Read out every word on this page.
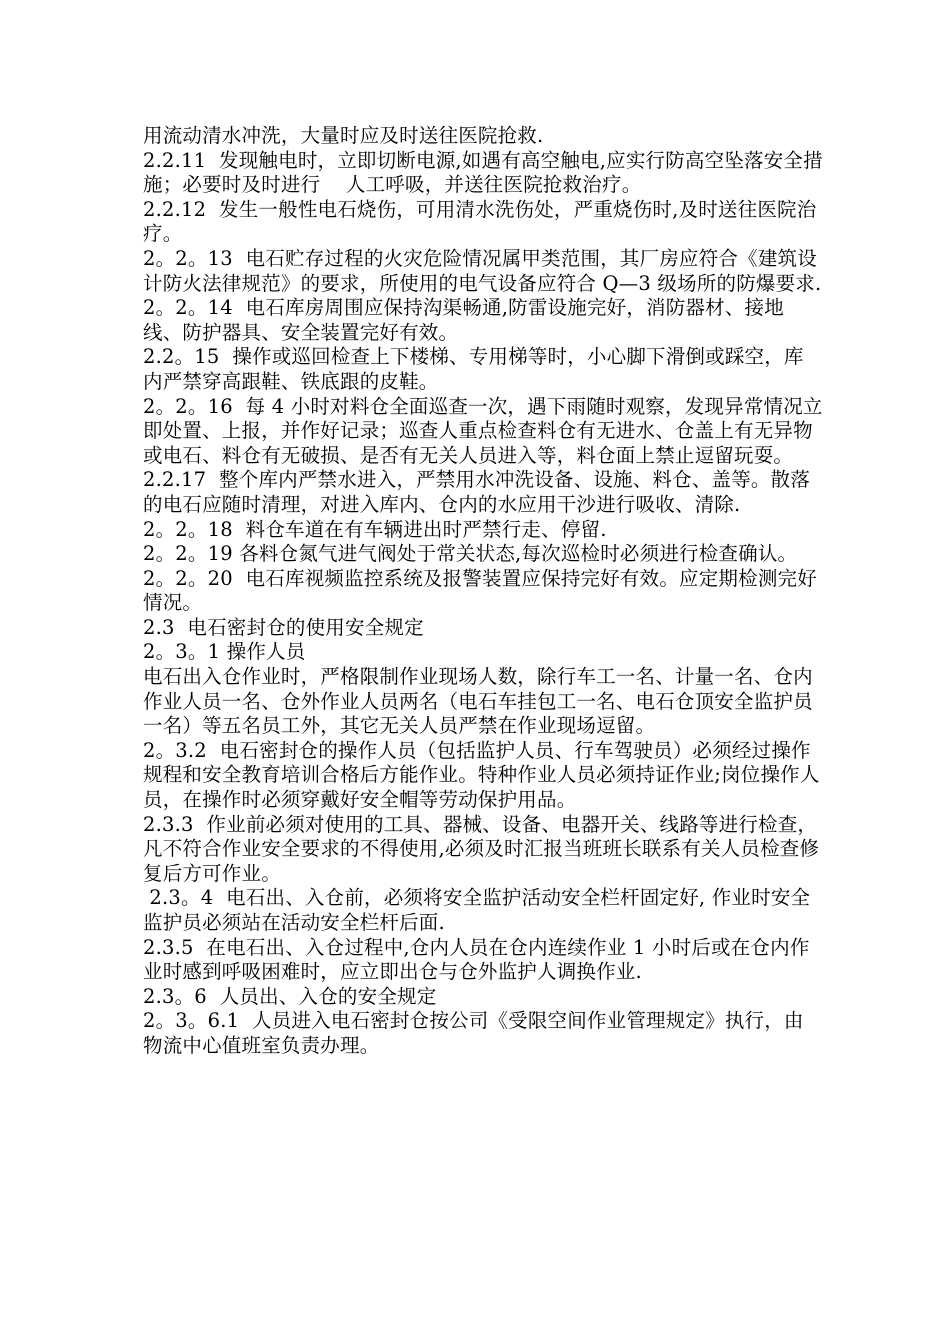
用流动清水冲洗，大量时应及时送往医院抢救.

2.2.11  发现触电时，立即切断电源,如遇有高空触电,应实行防高空坠落安全措施；必要时及时进行    人工呼吸，并送往医院抢救治疗。

2.2.12  发生一般性电石烧伤，可用清水洗伤处，严重烧伤时,及时送往医院治疗。

2。2。13  电石贮存过程的火灾危险情况属甲类范围，其厂房应符合《建筑设计防火法律规范》的要求，所使用的电气设备应符合 Q—3 级场所的防爆要求.

2。2。14  电石库房周围应保持沟渠畅通,防雷设施完好，消防器材、接地线、防护器具、安全装置完好有效。

2.2。15  操作或巡回检查上下楼梯、专用梯等时，小心脚下滑倒或踩空，库内严禁穿高跟鞋、铁底跟的皮鞋。

2。2。16  每 4 小时对料仓全面巡查一次，遇下雨随时观察，发现异常情况立即处置、上报，并作好记录；巡查人重点检查料仓有无进水、仓盖上有无异物或电石、料仓有无破损、是否有无关人员进入等，料仓面上禁止逗留玩耍。

2.2.17  整个库内严禁水进入，严禁用水冲洗设备、设施、料仓、盖等。散落的电石应随时清理，对进入库内、仓内的水应用干沙进行吸收、清除.

2。2。18  料仓车道在有车辆进出时严禁行走、停留.

2。2。19 各料仓氮气进气阀处于常关状态,每次巡检时必须进行检查确认。

2。2。20  电石库视频监控系统及报警装置应保持完好有效。应定期检测完好情况。

2.3  电石密封仓的使用安全规定

2。3。1 操作人员

电石出入仓作业时，严格限制作业现场人数，除行车工一名、计量一名、仓内作业人员一名、仓外作业人员两名（电石车挂包工一名、电石仓顶安全监护员一名）等五名员工外，其它无关人员严禁在作业现场逗留。

2。3.2  电石密封仓的操作人员（包括监护人员、行车驾驶员）必须经过操作规程和安全教育培训合格后方能作业。特种作业人员必须持证作业;岗位操作人员，在操作时必须穿戴好安全帽等劳动保护用品。

2.3.3  作业前必须对使用的工具、器械、设备、电器开关、线路等进行检查，凡不符合作业安全要求的不得使用,必须及时汇报当班班长联系有关人员检查修复后方可作业。

2.3。4  电石出、入仓前，必须将安全监护活动安全栏杆固定好, 作业时安全监护员必须站在活动安全栏杆后面.

2.3.5  在电石出、入仓过程中,仓内人员在仓内连续作业 1 小时后或在仓内作业时感到呼吸困难时，应立即出仓与仓外监护人调换作业.

2.3。6  人员出、入仓的安全规定

2。3。6.1  人员进入电石密封仓按公司《受限空间作业管理规定》执行，由物流中心值班室负责办理。
